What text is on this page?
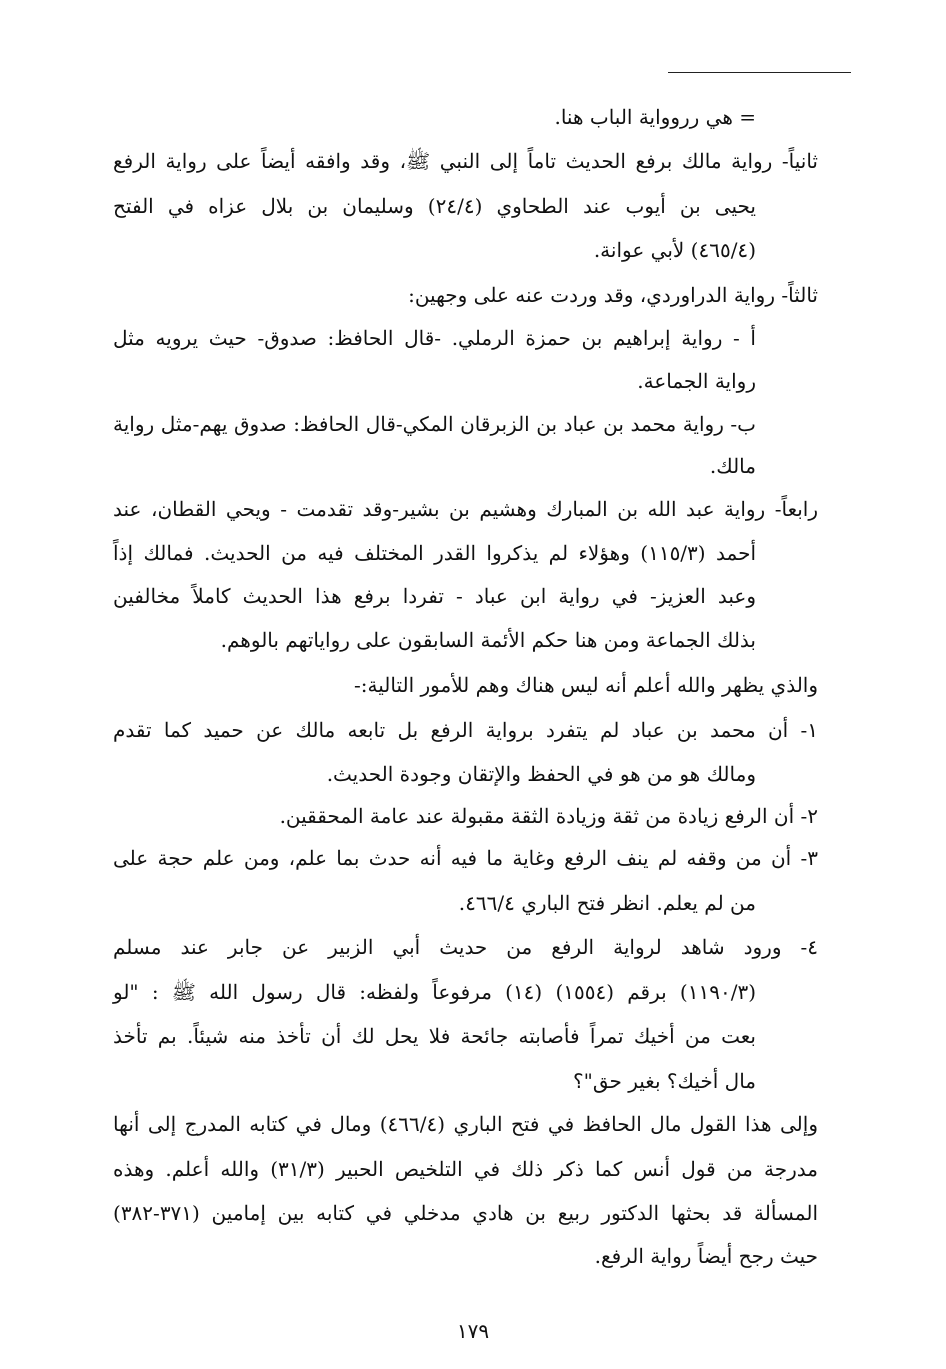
= هي رروواية الباب هنا.
ثانياً- رواية مالك برفع الحديث تاماً إلى النبي ﷺ، وقد وافقه أيضاً على رواية الرفع
يحيى بن أيوب عند الطحاوي (٢٤/٤) وسليمان بن بلال عزاه في الفتح
(٤٦٥/٤) لأبي عوانة.
ثالثاً- رواية الدراوردي، وقد وردت عنه على وجهين:
أ - رواية إبراهيم بن حمزة الرملي. -قال الحافظ: صدوق- حيث يرويه مثل
رواية الجماعة.
ب- رواية محمد بن عباد بن الزبرقان المكي-قال الحافظ: صدوق يهم-مثل رواية
مالك.
رابعاً- رواية عبد الله بن المبارك وهشيم بن بشير-وقد تقدمت - ويحي القطان، عند
أحمد (١١٥/٣) وهؤلاء لم يذكروا القدر المختلف فيه من الحديث. فمالك إذاً
وعبد العزيز- في رواية ابن عباد - تفردا برفع هذا الحديث كاملاً مخالفين
بذلك الجماعة ومن هنا حكم الأئمة السابقون على رواياتهم بالوهم.
والذي يظهر والله أعلم أنه ليس هناك وهم للأمور التالية:-
١- أن محمد بن عباد لم يتفرد برواية الرفع بل تابعه مالك عن حميد كما تقدم
ومالك هو من هو في الحفظ والإتقان وجودة الحديث.
٢- أن الرفع زيادة من ثقة وزيادة الثقة مقبولة عند عامة المحققين.
٣- أن من وقفه لم ينف الرفع وغاية ما فيه أنه حدث بما علم، ومن علم حجة على
من لم يعلم. انظر فتح الباري ٤٦٦/٤.
٤- ورود شاهد لرواية الرفع من حديث أبي الزبير عن جابر عند مسلم
(١١٩٠/٣) برقم (١٥٥٤) (١٤) مرفوعاً ولفظه: قال رسول الله ﷺ : "لو
بعت من أخيك تمراً فأصابته جائحة فلا يحل لك أن تأخذ منه شيئاً. بم تأخذ
مال أخيك؟ بغير حق"؟
وإلى هذا القول مال الحافظ في فتح الباري (٤٦٦/٤) ومال في كتابه المدرج إلى أنها
مدرجة من قول أنس كما ذكر ذلك في التلخيص الحبير (٣١/٣) والله أعلم. وهذه
المسألة قد بحثها الدكتور ربيع بن هادي مدخلي في كتابه بين إمامين (٣٧١-٣٨٢)
حيث رجح أيضاً رواية الرفع.
١٧٩
